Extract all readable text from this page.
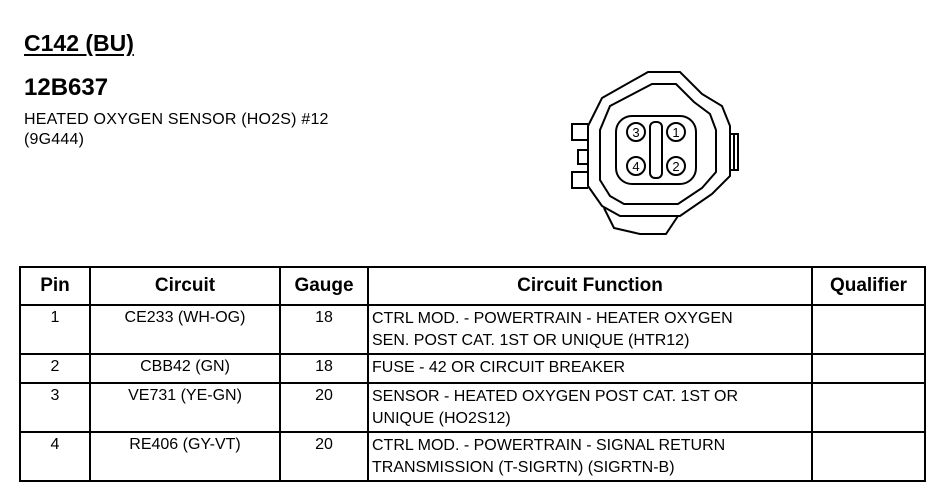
C142 (BU)
12B637
HEATED OXYGEN SENSOR (HO2S) #12
(9G444)	1
2
3
4
Pin	Circuit	Gauge	Circuit Function	Qualifier
1	CE233 (WH-OG)	18	CTRL MOD. - POWERTRAIN - HEATER OXYGEN
SEN. POST CAT. 1ST OR UNIQUE (HTR12)	

2	CBB42 (GN)	18	FUSE - 42 OR CIRCUIT BREAKER	

3	VE731 (YE-GN)	20	SENSOR - HEATED OXYGEN POST CAT. 1ST OR
UNIQUE (HO2S12)	

4	RE406 (GY-VT)	20	CTRL MOD. - POWERTRAIN - SIGNAL RETURN
TRANSMISSION (T-SIGRTN) (SIGRTN-B)	
